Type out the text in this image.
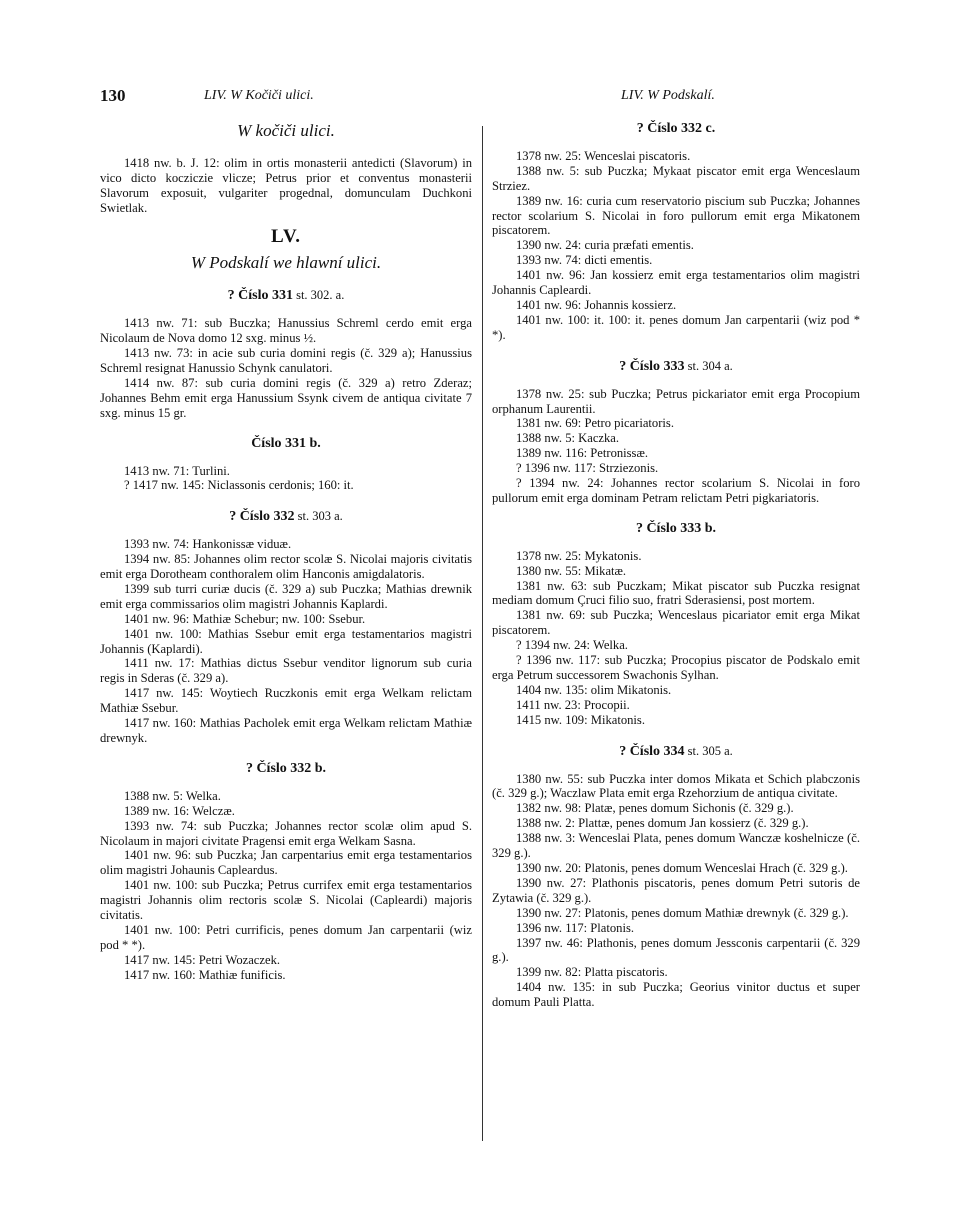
130	LIV. W Kočiči ulici.	LIV. W Podskalí.
W kočiči ulici.

1418 nw. b. J. 12: olim in ortis monasterii antedicti (Slavorum) in vico dicto kocziczie vlicze; Petrus prior et conventus monasterii Slavorum exposuit, vulgariter progednal, domunculam Duchkoni Swietlak.

LV.
W Podskalí we hlawní ulici.
? Číslo 331 st. 302. a.

1413 nw. 71: sub Buczka; Hanussius Schreml cerdo emit erga Nicolaum de Nova domo 12 sxg. minus ½.

1413 nw. 73: in acie sub curia domini regis (č. 329 a); Hanussius Schreml resignat Hanussio Schynk canulatori.

1414 nw. 87: sub curia domini regis (č. 329 a) retro Zderaz; Johannes Behm emit erga Hanussium Ssynk civem de antiqua civitate 7 sxg. minus 15 gr.

Číslo 331 b.

1413 nw. 71: Turlini.

? 1417 nw. 145: Niclassonis cerdonis; 160: it.

? Číslo 332 st. 303 a.

1393 nw. 74: Hankonissæ viduæ.

1394 nw. 85: Johannes olim rector scolæ S. Nicolai majoris civitatis emit erga Dorotheam conthoralem olim Hanconis amigdalatoris.

1399 sub turri curiæ ducis (č. 329 a) sub Puczka; Mathias drewnik emit erga commissarios olim magistri Johannis Kaplardi.

1401 nw. 96: Mathiæ Schebur; nw. 100: Ssebur.

1401 nw. 100: Mathias Ssebur emit erga testamentarios magistri Johannis (Kaplardi).

1411 nw. 17: Mathias dictus Ssebur venditor lignorum sub curia regis in Sderas (č. 329 a).

1417 nw. 145: Woytiech Ruczkonis emit erga Welkam relictam Mathiæ Ssebur.

1417 nw. 160: Mathias Pacholek emit erga Welkam relictam Mathiæ drewnyk.

? Číslo 332 b.

1388 nw. 5: Welka.

1389 nw. 16: Welczæ.

1393 nw. 74: sub Puczka; Johannes rector scolæ olim apud S. Nicolaum in majori civitate Pragensi emit erga Welkam Sasna.

1401 nw. 96: sub Puczka; Jan carpentarius emit erga testamentarios olim magistri Johaunis Capleardus.

1401 nw. 100: sub Puczka; Petrus currifex emit erga testamentarios magistri Johannis olim rectoris scolæ S. Nicolai (Capleardi) majoris civitatis.

1401 nw. 100: Petri currificis, penes domum Jan carpentarii (wiz pod * *).

1417 nw. 145: Petri Wozaczek.

1417 nw. 160: Mathiæ funificis.

? Číslo 332 c.

1378 nw. 25: Wenceslai piscatoris.

1388 nw. 5: sub Puczka; Mykaat piscator emit erga Wenceslaum Strziez.

1389 nw. 16: curia cum reservatorio piscium sub Puczka; Johannes rector scolarium S. Nicolai in foro pullorum emit erga Mikatonem piscatorem.

1390 nw. 24: curia præfati ementis.

1393 nw. 74: dicti ementis.

1401 nw. 96: Jan kossierz emit erga testamentarios olim magistri Johannis Capleardi.

1401 nw. 96: Johannis kossierz.

1401 nw. 100: it. 100: it. penes domum Jan carpentarii (wiz pod * *).

? Číslo 333 st. 304 a.

1378 nw. 25: sub Puczka; Petrus pickariator emit erga Procopium orphanum Laurentii.

1381 nw. 69: Petro picariatoris.

1388 nw. 5: Kaczka.

1389 nw. 116: Petronissæ.

? 1396 nw. 117: Strziezonis.

? 1394 nw. 24: Johannes rector scolarium S. Nicolai in foro pullorum emit erga dominam Petram relictam Petri pigkariatoris.

? Číslo 333 b.

1378 nw. 25: Mykatonis.

1380 nw. 55: Mikatæ.

1381 nw. 63: sub Puczkam; Mikat piscator sub Puczka resignat mediam domum Çruci filio suo, fratri Sderasiensi, post mortem.

1381 nw. 69: sub Puczka; Wenceslaus picariator emit erga Mikat piscatorem.

? 1394 nw. 24: Welka.

? 1396 nw. 117: sub Puczka; Procopius piscator de Podskalo emit erga Petrum successorem Swachonis Sylhan.

1404 nw. 135: olim Mikatonis.

1411 nw. 23: Procopii.

1415 nw. 109: Mikatonis.

? Číslo 334 st. 305 a.

1380 nw. 55: sub Puczka inter domos Mikata et Schich plabczonis (č. 329 g.); Waczlaw Plata emit erga Rzehorzium de antiqua civitate.

1382 nw. 98: Platæ, penes domum Sichonis (č. 329 g.).

1388 nw. 2: Plattæ, penes domum Jan kossierz (č. 329 g.).

1388 nw. 3: Wenceslai Plata, penes domum Wanczæ koshelnicze (č. 329 g.).

1390 nw. 20: Platonis, penes domum Wenceslai Hrach (č. 329 g.).

1390 nw. 27: Plathonis piscatoris, penes domum Petri sutoris de Zytawia (č. 329 g.).

1390 nw. 27: Platonis, penes domum Mathiæ drewnyk (č. 329 g.).

1396 nw. 117: Platonis.

1397 nw. 46: Plathonis, penes domum Jessconis carpentarii (č. 329 g.).

1399 nw. 82: Platta piscatoris.

1404 nw. 135: in sub Puczka; Georius vinitor ductus et super domum Pauli Platta.
